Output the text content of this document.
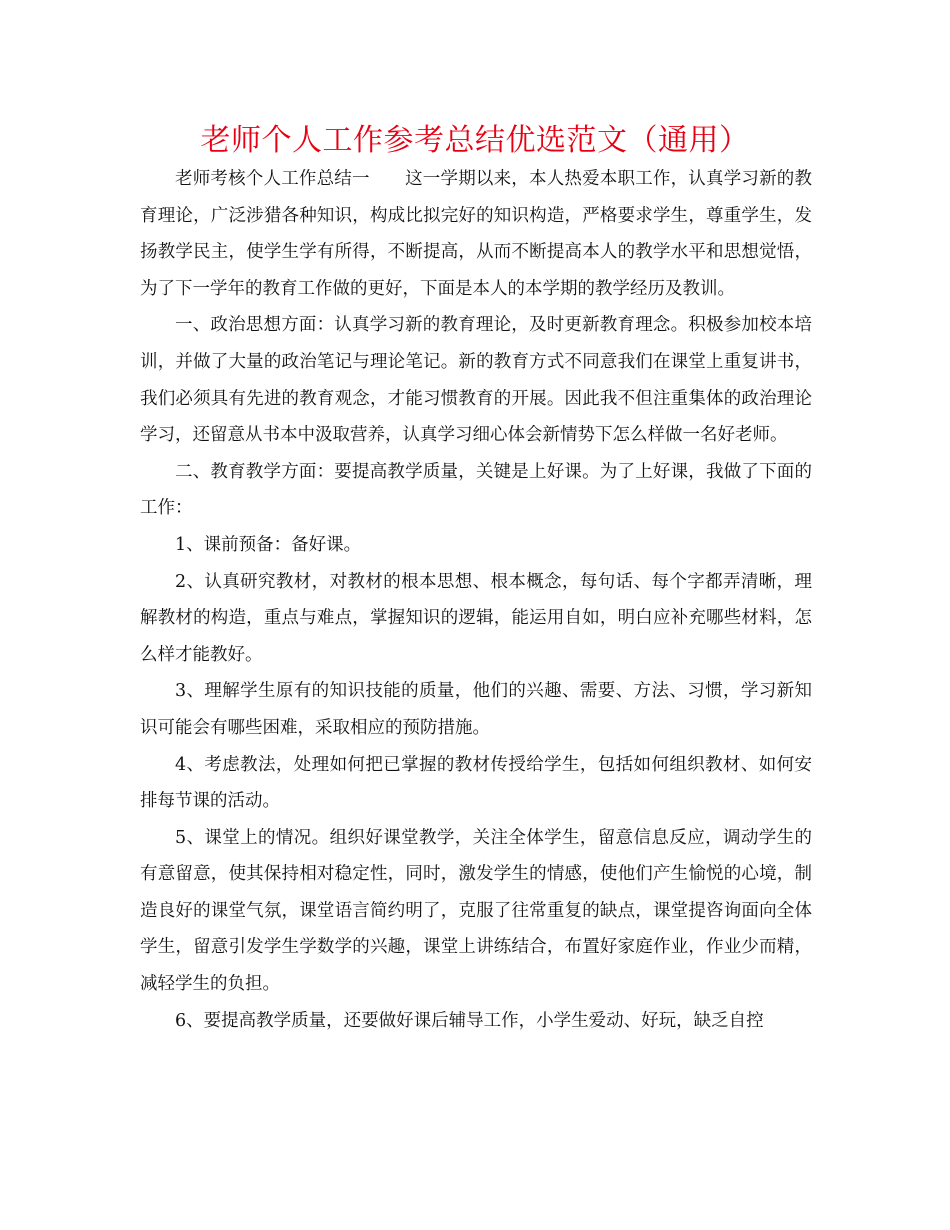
老师个人工作参考总结优选范文（通用）

老师考核个人工作总结一　　这一学期以来，本人热爱本职工作，认真学习新的教育理论，广泛涉猎各种知识，构成比拟完好的知识构造，严格要求学生，尊重学生，发扬教学民主，使学生学有所得，不断提高，从而不断提高本人的教学水平和思想觉悟，为了下一学年的教育工作做的更好，下面是本人的本学期的教学经历及教训。

一、政治思想方面：认真学习新的教育理论，及时更新教育理念。积极参加校本培训，并做了大量的政治笔记与理论笔记。新的教育方式不同意我们在课堂上重复讲书，我们必须具有先进的教育观念，才能习惯教育的开展。因此我不但注重集体的政治理论学习，还留意从书本中汲取营养，认真学习细心体会新情势下怎么样做一名好老师。

二、教育教学方面：要提高教学质量，关键是上好课。为了上好课，我做了下面的工作：

1、课前预备：备好课。

2、认真研究教材，对教材的根本思想、根本概念，每句话、每个字都弄清晰，理解教材的构造，重点与难点，掌握知识的逻辑，能运用自如，明白应补充哪些材料，怎么样才能教好。

3、理解学生原有的知识技能的质量，他们的兴趣、需要、方法、习惯，学习新知识可能会有哪些困难，采取相应的预防措施。

4、考虑教法，处理如何把已掌握的教材传授给学生，包括如何组织教材、如何安排每节课的活动。

5、课堂上的情况。组织好课堂教学，关注全体学生，留意信息反应，调动学生的有意留意，使其保持相对稳定性，同时，激发学生的情感，使他们产生愉悦的心境，制造良好的课堂气氛，课堂语言简约明了，克服了往常重复的缺点，课堂提咨询面向全体学生，留意引发学生学数学的兴趣，课堂上讲练结合，布置好家庭作业，作业少而精，减轻学生的负担。

6、要提高教学质量，还要做好课后辅导工作，小学生爱动、好玩，缺乏自控
